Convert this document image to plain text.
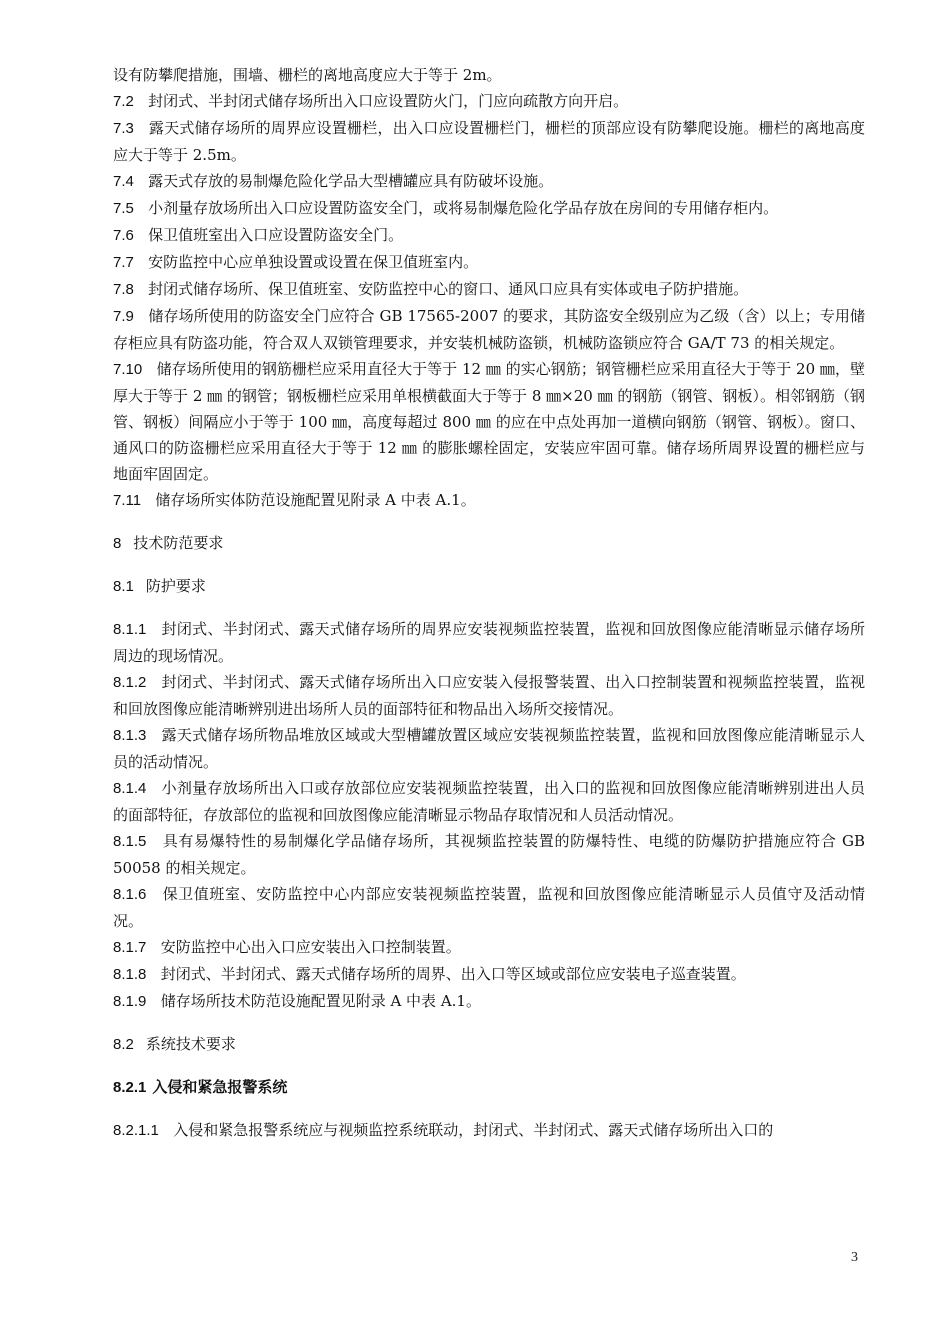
设有防攀爬措施，围墙、栅栏的离地高度应大于等于 2m。

7.2 封闭式、半封闭式储存场所出入口应设置防火门，门应向疏散方向开启。

7.3 露天式储存场所的周界应设置栅栏，出入口应设置栅栏门，栅栏的顶部应设有防攀爬设施。栅栏的离地高度应大于等于 2.5m。

7.4 露天式存放的易制爆危险化学品大型槽罐应具有防破坏设施。

7.5 小剂量存放场所出入口应设置防盗安全门，或将易制爆危险化学品存放在房间的专用储存柜内。

7.6 保卫值班室出入口应设置防盗安全门。

7.7 安防监控中心应单独设置或设置在保卫值班室内。

7.8 封闭式储存场所、保卫值班室、安防监控中心的窗口、通风口应具有实体或电子防护措施。

7.9 储存场所使用的防盗安全门应符合 GB 17565-2007 的要求，其防盗安全级别应为乙级（含）以上；专用储存柜应具有防盗功能，符合双人双锁管理要求，并安装机械防盗锁，机械防盗锁应符合 GA/T 73 的相关规定。

7.10 储存场所使用的钢筋栅栏应采用直径大于等于 12 ㎜ 的实心钢筋；钢管栅栏应采用直径大于等于 20 ㎜，壁厚大于等于 2 ㎜ 的钢管；钢板栅栏应采用单根横截面大于等于 8 ㎜×20 ㎜ 的钢筋（钢管、钢板）。相邻钢筋（钢管、钢板）间隔应小于等于 100 ㎜，高度每超过 800 ㎜ 的应在中点处再加一道横向钢筋（钢管、钢板）。窗口、通风口的防盗栅栏应采用直径大于等于 12 ㎜ 的膨胀螺栓固定，安装应牢固可靠。储存场所周界设置的栅栏应与地面牢固固定。

7.11 储存场所实体防范设施配置见附录 A 中表 A.1。

8 技术防范要求

8.1 防护要求

8.1.1 封闭式、半封闭式、露天式储存场所的周界应安装视频监控装置，监视和回放图像应能清晰显示储存场所周边的现场情况。

8.1.2 封闭式、半封闭式、露天式储存场所出入口应安装入侵报警装置、出入口控制装置和视频监控装置，监视和回放图像应能清晰辨别进出场所人员的面部特征和物品出入场所交接情况。

8.1.3 露天式储存场所物品堆放区域或大型槽罐放置区域应安装视频监控装置，监视和回放图像应能清晰显示人员的活动情况。

8.1.4 小剂量存放场所出入口或存放部位应安装视频监控装置，出入口的监视和回放图像应能清晰辨别进出人员的面部特征，存放部位的监视和回放图像应能清晰显示物品存取情况和人员活动情况。

8.1.5 具有易爆特性的易制爆化学品储存场所，其视频监控装置的防爆特性、电缆的防爆防护措施应符合 GB 50058 的相关规定。

8.1.6 保卫值班室、安防监控中心内部应安装视频监控装置，监视和回放图像应能清晰显示人员值守及活动情况。

8.1.7 安防监控中心出入口应安装出入口控制装置。

8.1.8 封闭式、半封闭式、露天式储存场所的周界、出入口等区域或部位应安装电子巡查装置。

8.1.9 储存场所技术防范设施配置见附录 A 中表 A.1。

8.2 系统技术要求

8.2.1 入侵和紧急报警系统

8.2.1.1 入侵和紧急报警系统应与视频监控系统联动，封闭式、半封闭式、露天式储存场所出入口的

3
